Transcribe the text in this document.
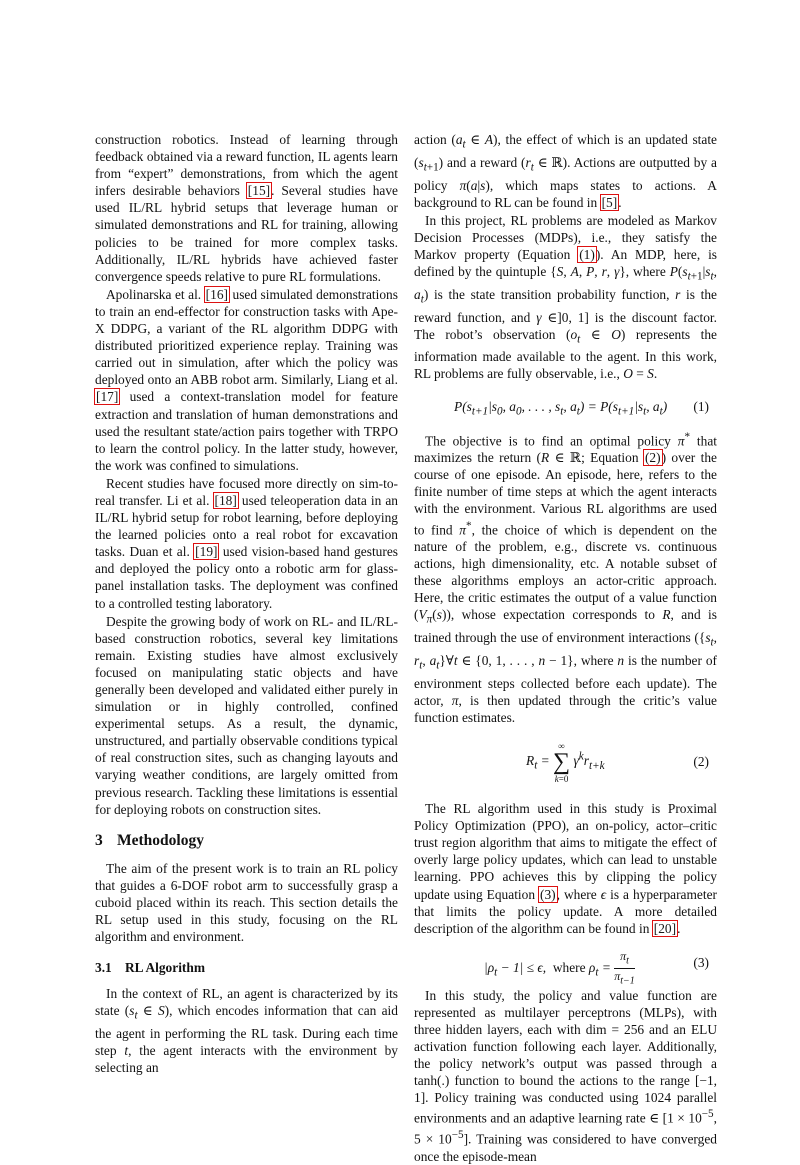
construction robotics. Instead of learning through feedback obtained via a reward function, IL agents learn from “expert” demonstrations, from which the agent infers desirable behaviors [15]. Several studies have used IL/RL hybrid setups that leverage human or simulated demonstrations and RL for training, allowing policies to be trained for more complex tasks. Additionally, IL/RL hybrids have achieved faster convergence speeds relative to pure RL formulations.

Apolinarska et al. [16] used simulated demonstrations to train an end-effector for construction tasks with Ape-X DDPG, a variant of the RL algorithm DDPG with distributed prioritized experience replay. Training was carried out in simulation, after which the policy was deployed onto an ABB robot arm. Similarly, Liang et al. [17] used a context-translation model for feature extraction and translation of human demonstrations and used the resultant state/action pairs together with TRPO to learn the control policy. In the latter study, however, the work was confined to simulations.

Recent studies have focused more directly on sim-to-real transfer. Li et al. [18] used teleoperation data in an IL/RL hybrid setup for robot learning, before deploying the learned policies onto a real robot for excavation tasks. Duan et al. [19] used vision-based hand gestures and deployed the policy onto a robotic arm for glass-panel installation tasks. The deployment was confined to a controlled testing laboratory.

Despite the growing body of work on RL- and IL/RL-based construction robotics, several key limitations remain. Existing studies have almost exclusively focused on manipulating static objects and have generally been developed and validated either purely in simulation or in highly controlled, confined experimental setups. As a result, the dynamic, unstructured, and partially observable conditions typical of real construction sites, such as changing layouts and varying weather conditions, are largely omitted from previous research. Tackling these limitations is essential for deploying robots on construction sites.

3 Methodology

The aim of the present work is to train an RL policy that guides a 6-DOF robot arm to successfully grasp a cuboid placed within its reach. This section details the RL setup used in this study, focusing on the RL algorithm and environment.

3.1 RL Algorithm

In the context of RL, an agent is characterized by its state ($s_t$ ∈ S), which encodes information that can aid the agent in performing the RL task. During each time step t, the agent interacts with the environment by selecting an

action ($a_t$ ∈ A), the effect of which is an updated state $(s_{t+1})$ and a reward ($r_t$ ∈ ℝ). Actions are outputted by a policy π(a|s), which maps states to actions. A background to RL can be found in [5].

In this project, RL problems are modeled as Markov Decision Processes (MDPs), i.e., they satisfy the Markov property (Equation (1)). An MDP, here, is defined by the quintuple {S, A, P, r, γ}, where $P(s_{t+1}|s_t$, $a_t$) is the state transition probability function, r is the reward function, and γ ∈]0, 1] is the discount factor. The robot’s observation ($o_t$ ∈ O) represents the information made available to the agent. In this work, RL problems are fully observable, i.e., O = S.

$P(s_{t+1}|s_0$, $a_0$, . . . , $s_t$, $a_t) = P(s_{t+1}|s_t$, $a_t$) (1)

The objective is to find an optimal policy π* that maximizes the return (R ∈ ℝ; Equation (2)) over the course of one episode. An episode, here, refers to the finite number of time steps at which the agent interacts with the environment. Various RL algorithms are used to find π*, the choice of which is dependent on the nature of the problem, e.g., discrete vs. continuous actions, high dimensionality, etc. A notable subset of these algorithms employs an actor-critic approach. Here, the critic estimates the output of a value function $(V_\pi(s))$, whose expectation corresponds to R, and is trained through the use of environment interactions ({$s_t$, $r_t$, $a_t\}\forall t$ ∈ {0, 1, . . . , n − 1}, where n is the number of environment steps collected before each update). The actor, π, is then updated through the critic’s value function estimates.

$R_t$ = ∞
∑
k=0 $\gamma^kr_{t+k}$	(2)

The RL algorithm used in this study is Proximal Policy Optimization (PPO), an on-policy, actor–critic trust region algorithm that aims to mitigate the effect of overly large policy updates, which can lead to unstable learning. PPO achieves this by clipping the policy update using Equation (3), where ϵ is a hyperparameter that limits the policy update. A more detailed description of the algorithm can be found in [20].

$|\rho_t - 1| \le \epsilon$,  where $\rho_t = \frac{\pi_t}{\pi_{t-1}}$	(3)

In this study, the policy and value function are represented as multilayer perceptrons (MLPs), with three hidden layers, each with dim = 256 and an ELU activation function following each layer. Additionally, the policy network’s output was passed through a tanh(.) function to bound the actions to the range [−1, 1]. Policy training was conducted using 1024 parallel environments and an adaptive learning rate ∈ [$1 \times 10^{-5}$, $5 \times 10^{-5}$]. Training was considered to have converged once the episode-mean
